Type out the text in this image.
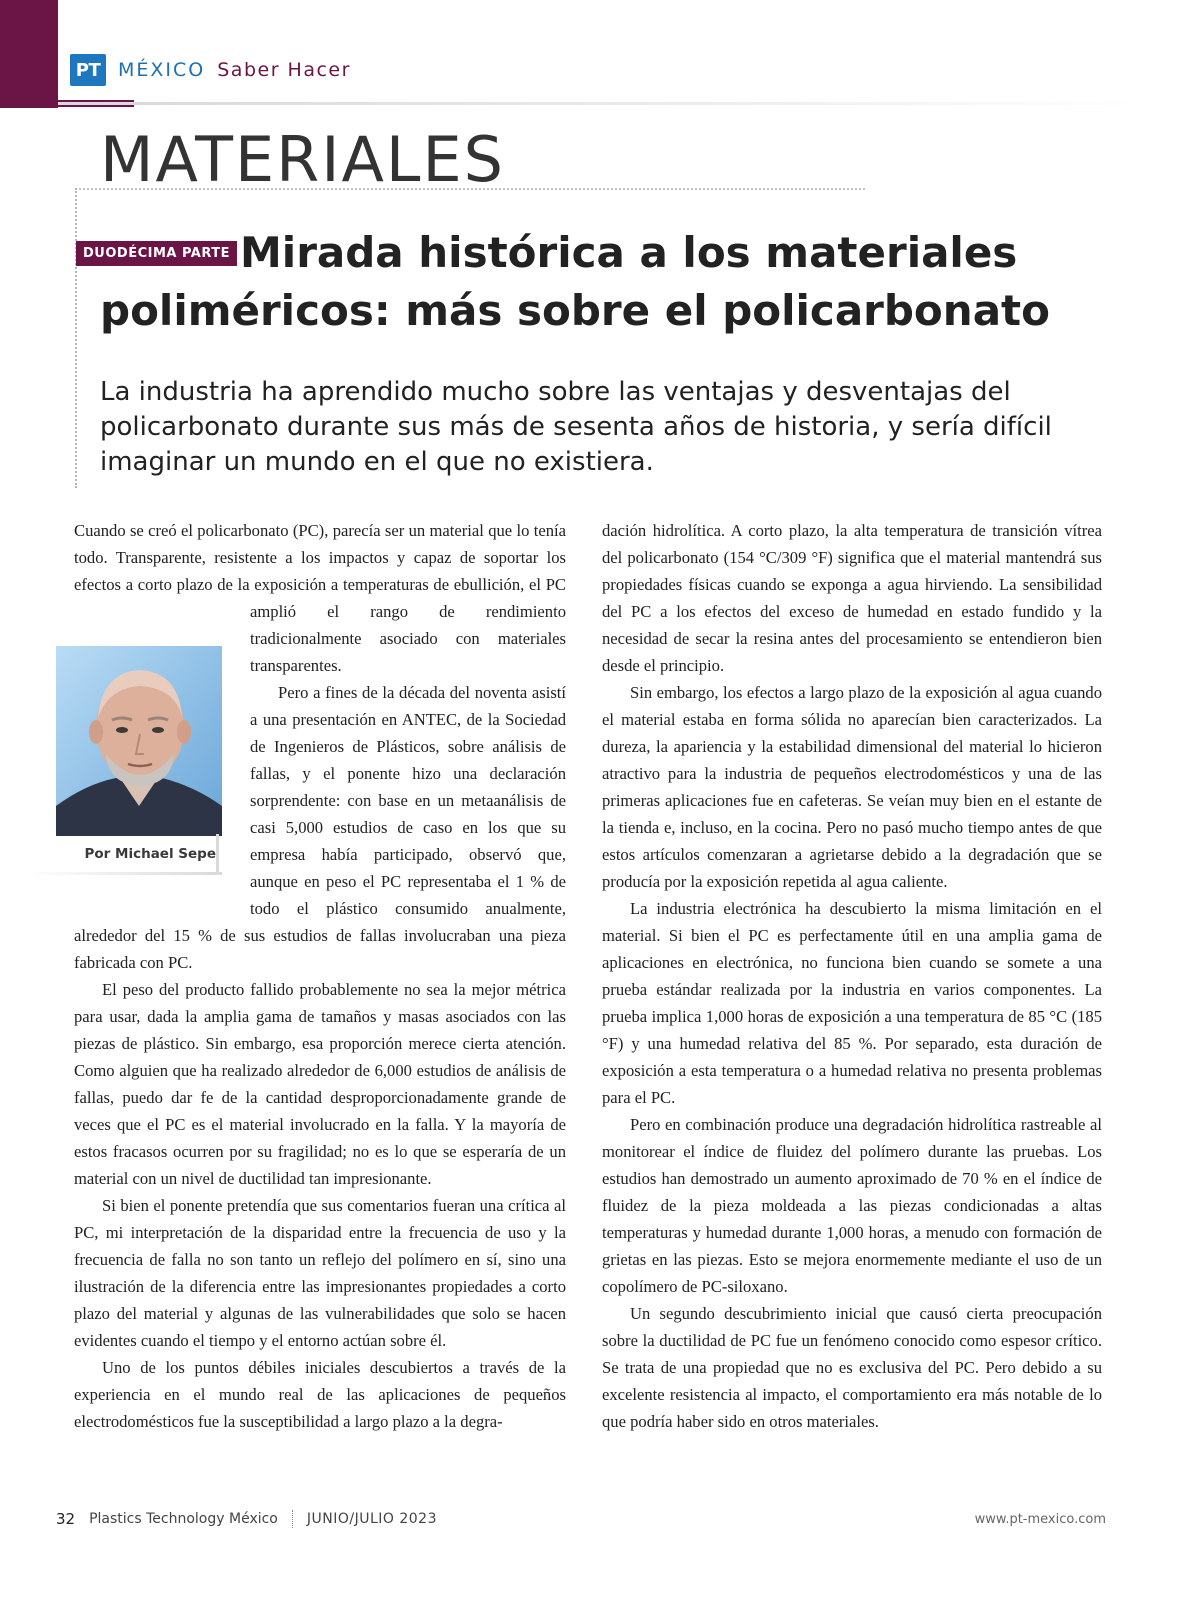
PT MÉXICO Saber Hacer
MATERIALES
DUODÉCIMA PARTE Mirada histórica a los materiales poliméricos: más sobre el policarbonato

La industria ha aprendido mucho sobre las ventajas y desventajas del policarbonato durante sus más de sesenta años de historia, y sería difícil imaginar un mundo en el que no existiera.

Por Michael Sepe

Cuando se creó el policarbonato (PC), parecía ser un material que lo tenía todo. Transparente, resistente a los impactos y capaz de soportar los efectos a corto plazo de la exposición a temperaturas de ebullición, el PC amplió el rango de rendimiento tradicionalmente asociado con materiales transparentes.

Pero a fines de la década del noventa asistí a una presentación en ANTEC, de la Sociedad de Ingenieros de Plásticos, sobre análisis de fallas, y el ponente hizo una declaración sorprendente: con base en un metaanálisis de casi 5,000 estudios de caso en los que su empresa había participado, observó que, aunque en peso el PC representaba el 1 % de todo el plástico consumido anualmente, alrededor del 15 % de sus estudios de fallas involucraban una pieza fabricada con PC.

El peso del producto fallido probablemente no sea la mejor métrica para usar, dada la amplia gama de tamaños y masas asociados con las piezas de plástico. Sin embargo, esa proporción merece cierta atención. Como alguien que ha realizado alrededor de 6,000 estudios de análisis de fallas, puedo dar fe de la cantidad desproporcionadamente grande de veces que el PC es el material involucrado en la falla. Y la mayoría de estos fracasos ocurren por su fragilidad; no es lo que se esperaría de un material con un nivel de ductilidad tan impresionante.

Si bien el ponente pretendía que sus comentarios fueran una crítica al PC, mi interpretación de la disparidad entre la frecuencia de uso y la frecuencia de falla no son tanto un reflejo del polímero en sí, sino una ilustración de la diferencia entre las impresionantes propiedades a corto plazo del material y algunas de las vulnerabilidades que solo se hacen evidentes cuando el tiempo y el entorno actúan sobre él.

Uno de los puntos débiles iniciales descubiertos a través de la experiencia en el mundo real de las aplicaciones de pequeños electrodomésticos fue la susceptibilidad a largo plazo a la degra-

dación hidrolítica. A corto plazo, la alta temperatura de transición vítrea del policarbonato (154 °C/309 °F) significa que el material mantendrá sus propiedades físicas cuando se exponga a agua hirviendo. La sensibilidad del PC a los efectos del exceso de humedad en estado fundido y la necesidad de secar la resina antes del procesamiento se entendieron bien desde el principio.

Sin embargo, los efectos a largo plazo de la exposición al agua cuando el material estaba en forma sólida no aparecían bien caracterizados. La dureza, la apariencia y la estabilidad dimensional del material lo hicieron atractivo para la industria de pequeños electrodomésticos y una de las primeras aplicaciones fue en cafeteras. Se veían muy bien en el estante de la tienda e, incluso, en la cocina. Pero no pasó mucho tiempo antes de que estos artículos comenzaran a agrietarse debido a la degradación que se producía por la exposición repetida al agua caliente.

La industria electrónica ha descubierto la misma limitación en el material. Si bien el PC es perfectamente útil en una amplia gama de aplicaciones en electrónica, no funciona bien cuando se somete a una prueba estándar realizada por la industria en varios componentes. La prueba implica 1,000 horas de exposición a una temperatura de 85 °C (185 °F) y una humedad relativa del 85 %. Por separado, esta duración de exposición a esta temperatura o a humedad relativa no presenta problemas para el PC.

Pero en combinación produce una degradación hidrolítica rastreable al monitorear el índice de fluidez del polímero durante las pruebas. Los estudios han demostrado un aumento aproximado de 70 % en el índice de fluidez de la pieza moldeada a las piezas condicionadas a altas temperaturas y humedad durante 1,000 horas, a menudo con formación de grietas en las piezas. Esto se mejora enormemente mediante el uso de un copolímero de PC-siloxano.

Un segundo descubrimiento inicial que causó cierta preocupación sobre la ductilidad de PC fue un fenómeno conocido como espesor crítico. Se trata de una propiedad que no es exclusiva del PC. Pero debido a su excelente resistencia al impacto, el comportamiento era más notable de lo que podría haber sido en otros materiales.

32 Plastics Technology México JUNIO/JULIO 2023	www.pt-mexico.com
